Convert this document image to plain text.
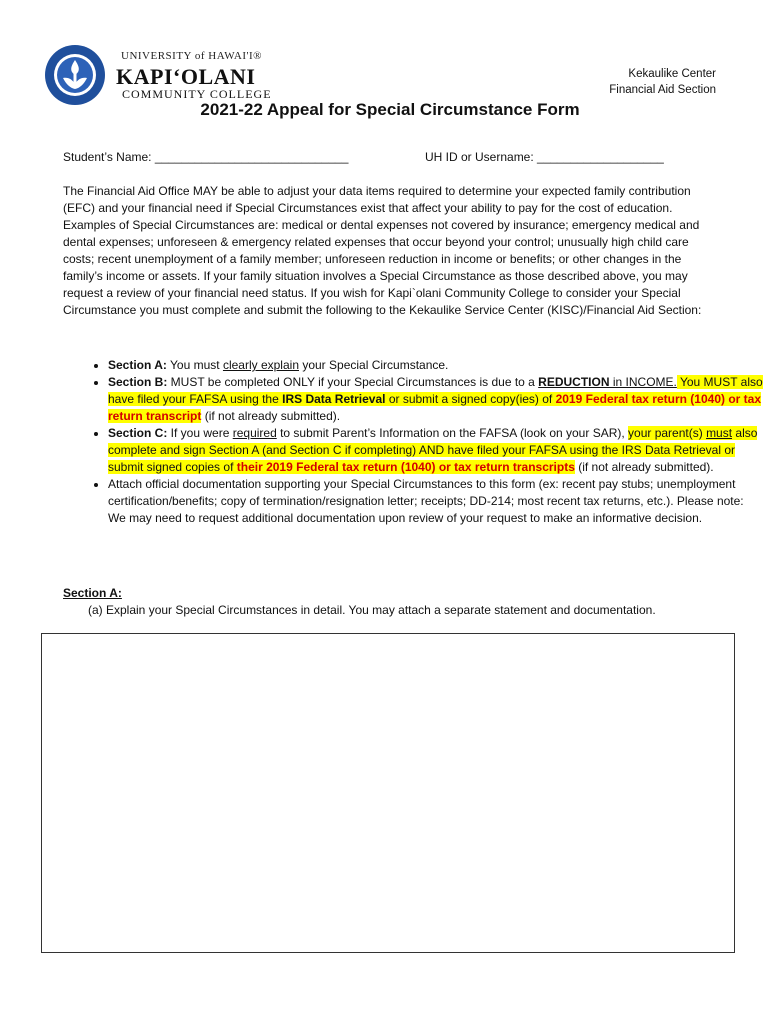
UNIVERSITY of HAWAI'I®
KAPIʻOLANI
COMMUNITY COLLEGE
Kekaulike Center
Financial Aid Section
2021-22 Appeal for Special Circumstance Form
Student’s Name: _____________________________	UH ID or Username: ___________________
The Financial Aid Office MAY be able to adjust your data items required to determine your expected family contribution (EFC) and your financial need if Special Circumstances exist that affect your ability to pay for the cost of education. Examples of Special Circumstances are: medical or dental expenses not covered by insurance; emergency medical and dental expenses; unforeseen & emergency related expenses that occur beyond your control; unusually high child care costs; recent unemployment of a family member; unforeseen reduction in income or benefits; or other changes in the family’s income or assets. If your family situation involves a Special Circumstance as those described above, you may request a review of your financial need status. If you wish for Kapi`olani Community College to consider your Special Circumstance you must complete and submit the following to the Kekaulike Service Center (KISC)/Financial Aid Section:
• Section A: You must clearly explain your Special Circumstance.
• Section B: MUST be completed ONLY if your Special Circumstances is due to a REDUCTION in INCOME. You MUST also have filed your FAFSA using the IRS Data Retrieval or submit a signed copy(ies) of 2019 Federal tax return (1040) or tax return transcript (if not already submitted).
• Section C: If you were required to submit Parent’s Information on the FAFSA (look on your SAR), your parent(s) must also complete and sign Section A (and Section C if completing) AND have filed your FAFSA using the IRS Data Retrieval or submit signed copies of their 2019 Federal tax return (1040) or tax return transcripts (if not already submitted).
• Attach official documentation supporting your Special Circumstances to this form (ex: recent pay stubs; unemployment certification/benefits; copy of termination/resignation letter; receipts; DD-214; most recent tax returns, etc.). Please note: We may need to request additional documentation upon review of your request to make an informative decision.
Section A:
(a) Explain your Special Circumstances in detail. You may attach a separate statement and documentation.
